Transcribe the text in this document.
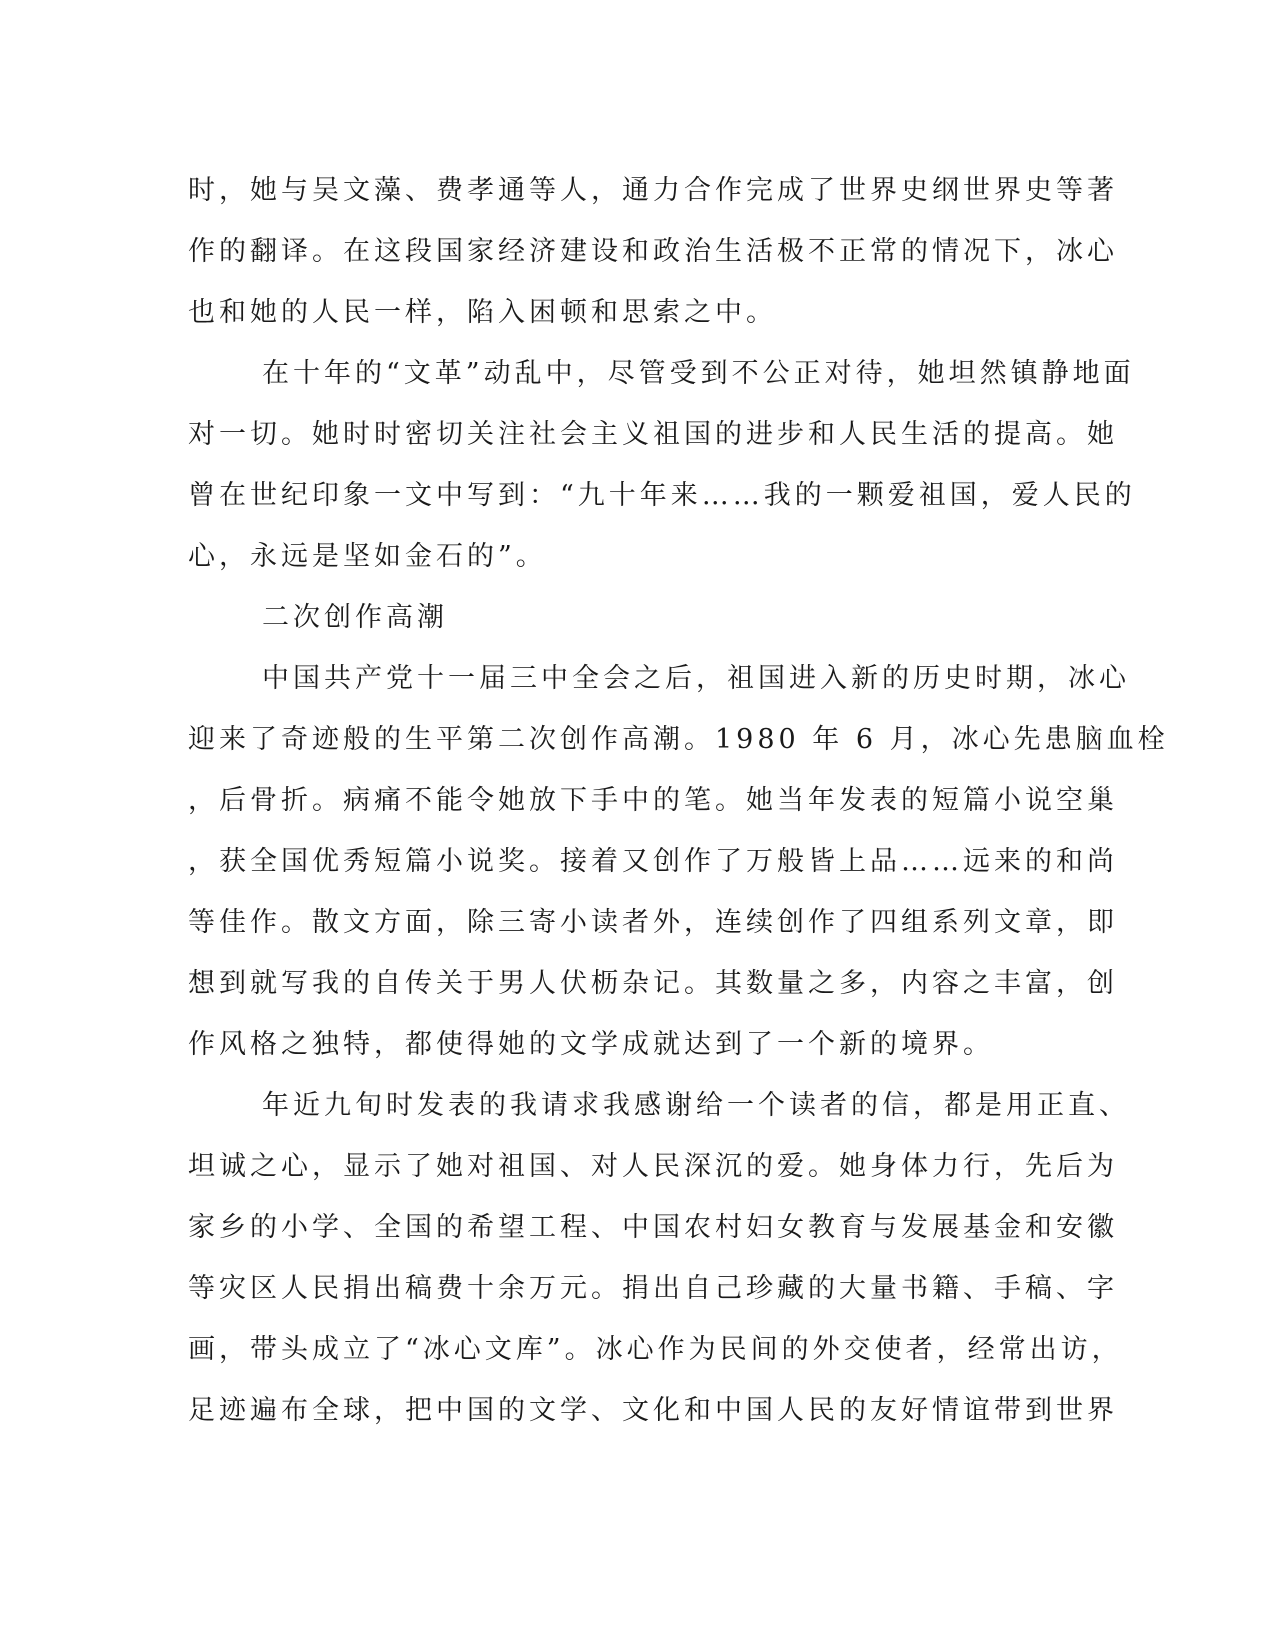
时，她与吴文藻、费孝通等人，通力合作完成了世界史纲世界史等著
作的翻译。在这段国家经济建设和政治生活极不正常的情况下，冰心
也和她的人民一样，陷入困顿和思索之中。
在十年的“文革”动乱中，尽管受到不公正对待，她坦然镇静地面
对一切。她时时密切关注社会主义祖国的进步和人民生活的提高。她
曾在世纪印象一文中写到：“九十年来……我的一颗爱祖国，爱人民的
心，永远是坚如金石的”。
二次创作高潮
中国共产党十一届三中全会之后，祖国进入新的历史时期，冰心
迎来了奇迹般的生平第二次创作高潮。1980 年 6 月，冰心先患脑血栓
，后骨折。病痛不能令她放下手中的笔。她当年发表的短篇小说空巢
，获全国优秀短篇小说奖。接着又创作了万般皆上品……远来的和尚
等佳作。散文方面，除三寄小读者外，连续创作了四组系列文章，即
想到就写我的自传关于男人伏枥杂记。其数量之多，内容之丰富，创
作风格之独特，都使得她的文学成就达到了一个新的境界。
年近九旬时发表的我请求我感谢给一个读者的信，都是用正直、
坦诚之心，显示了她对祖国、对人民深沉的爱。她身体力行，先后为
家乡的小学、全国的希望工程、中国农村妇女教育与发展基金和安徽
等灾区人民捐出稿费十余万元。捐出自己珍藏的大量书籍、手稿、字
画，带头成立了“冰心文库”。冰心作为民间的外交使者，经常出访，
足迹遍布全球，把中国的文学、文化和中国人民的友好情谊带到世界
